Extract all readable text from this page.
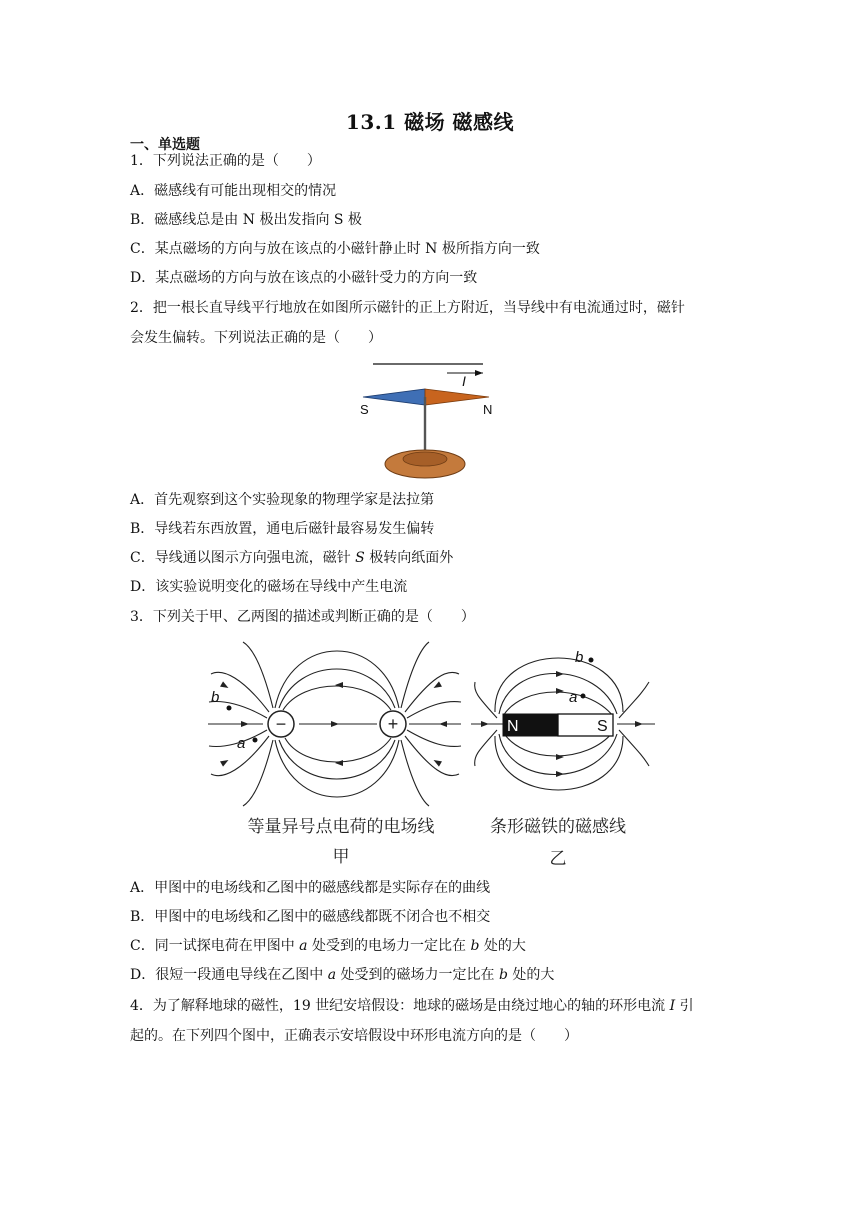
13.1 磁场 磁感线
一、单选题
1．下列说法正确的是（　　）
A．磁感线有可能出现相交的情况
B．磁感线总是由 N 极出发指向 S 极
C．某点磁场的方向与放在该点的小磁针静止时 N 极所指方向一致
D．某点磁场的方向与放在该点的小磁针受力的方向一致
2．把一根长直导线平行地放在如图所示磁针的正上方附近，当导线中有电流通过时，磁针
会发生偏转。下列说法正确的是（　　）
I
S	N
A．首先观察到这个实验现象的物理学家是法拉第
B．导线若东西放置，通电后磁针最容易发生偏转
C．导线通以图示方向强电流，磁针 S 极转向纸面外
D．该实验说明变化的磁场在导线中产生电流
3．下列关于甲、乙两图的描述或判断正确的是（　　）
−	+
b
a
N	S
a
b
等量异号点电荷的电场线
甲
条形磁铁的磁感线
乙
A．甲图中的电场线和乙图中的磁感线都是实际存在的曲线
B．甲图中的电场线和乙图中的磁感线都既不闭合也不相交
C．同一试探电荷在甲图中 a 处受到的电场力一定比在 b 处的大
D．很短一段通电导线在乙图中 a 处受到的磁场力一定比在 b 处的大
4．为了解释地球的磁性，19 世纪安培假设：地球的磁场是由绕过地心的轴的环形电流 I 引
起的。在下列四个图中，正确表示安培假设中环形电流方向的是（　　）
